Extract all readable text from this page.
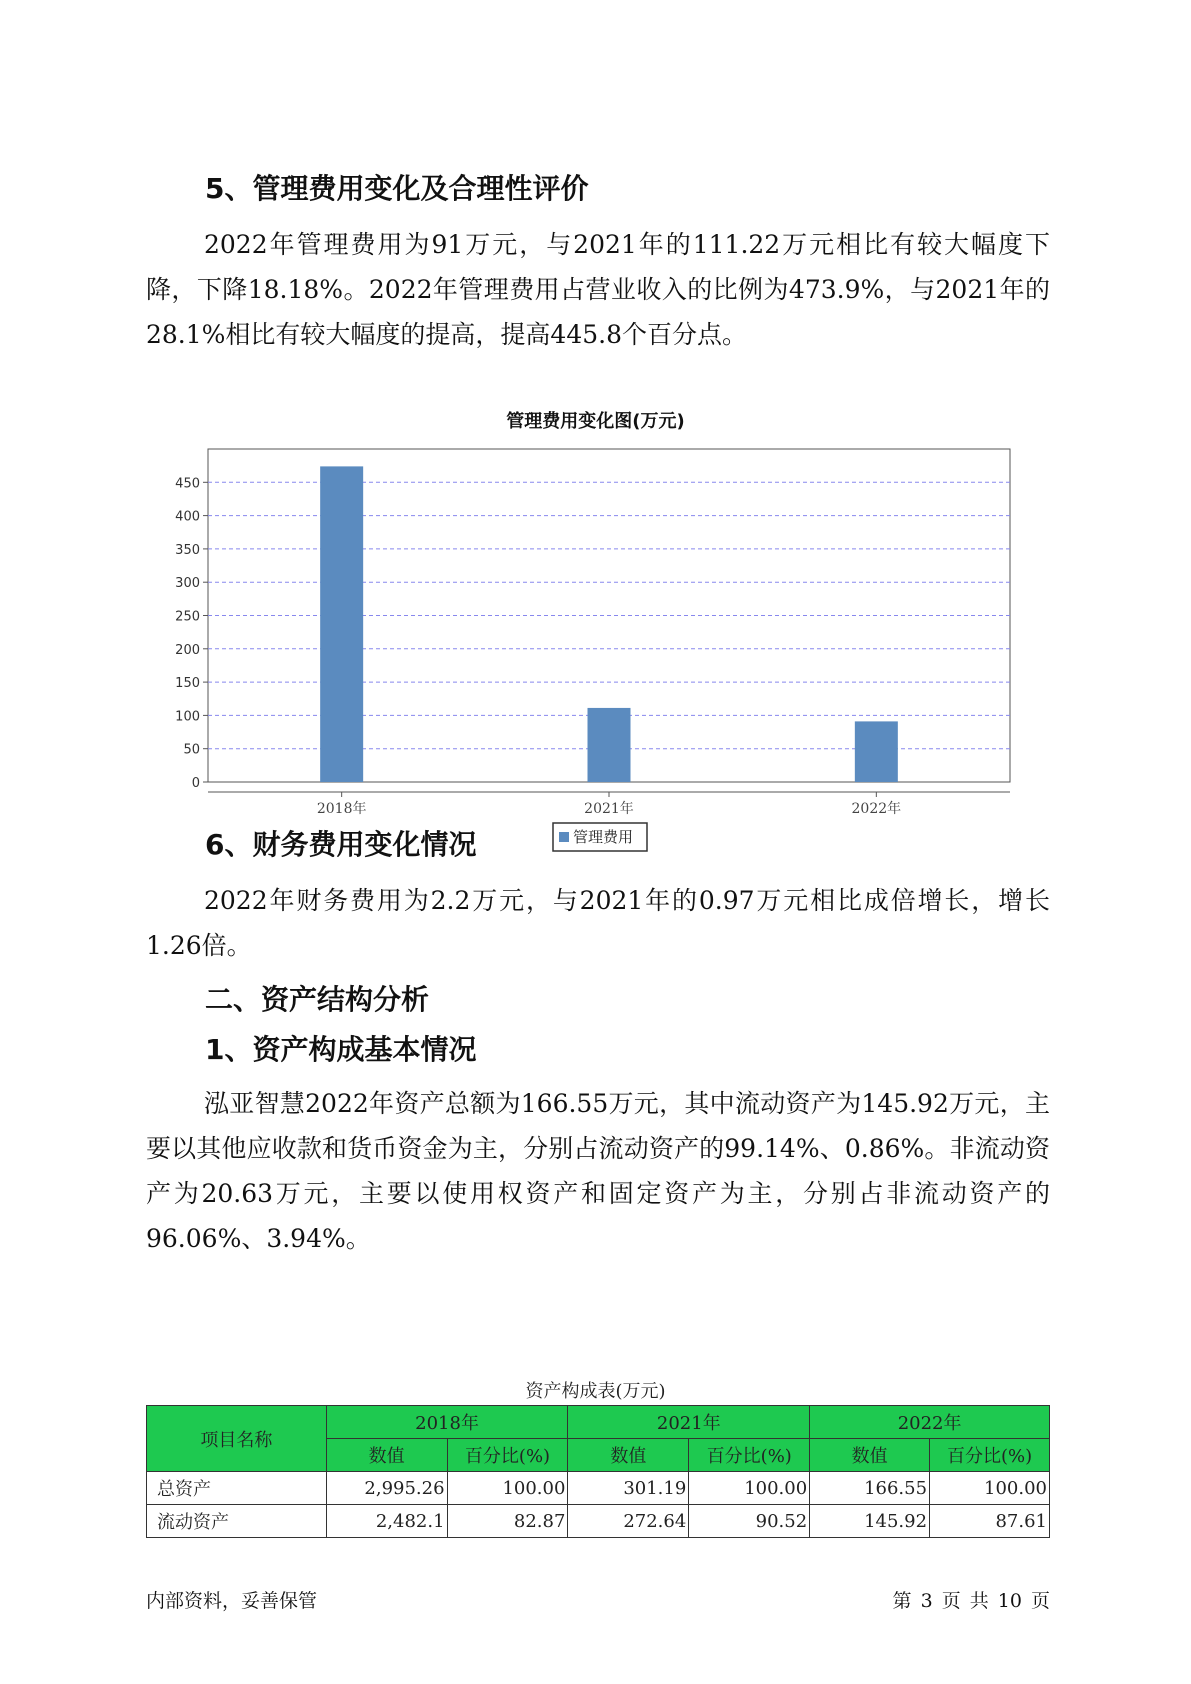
5、管理费用变化及合理性评价

2022年管理费用为91万元，与2021年的111.22万元相比有较大幅度下降，下降18.18%。2022年管理费用占营业收入的比例为473.9%，与2021年的28.1%相比有较大幅度的提高，提高445.8个百分点。

管理费用变化图(万元)
0
50
100
150
200
250
300
350
400
450
2018年	2021年	2022年
管理费用
6、财务费用变化情况

2022年财务费用为2.2万元，与2021年的0.97万元相比成倍增长，增长1.26倍。

二、资产结构分析
1、资产构成基本情况

泓亚智慧2022年资产总额为166.55万元，其中流动资产为145.92万元，主要以其他应收款和货币资金为主，分别占流动资产的99.14%、0.86%。非流动资产为20.63万元，主要以使用权资产和固定资产为主，分别占非流动资产的96.06%、3.94%。

资产构成表(万元)
项目名称	2018年		2021年		2022年	
	数值	百分比(%)	数值	百分比(%)	数值	百分比(%)
总资产	2,995.26	100.00	301.19	100.00	166.55	100.00
流动资产	2,482.1	82.87	272.64	90.52	145.92	87.61
内部资料，妥善保管	第 3 页 共 10 页
